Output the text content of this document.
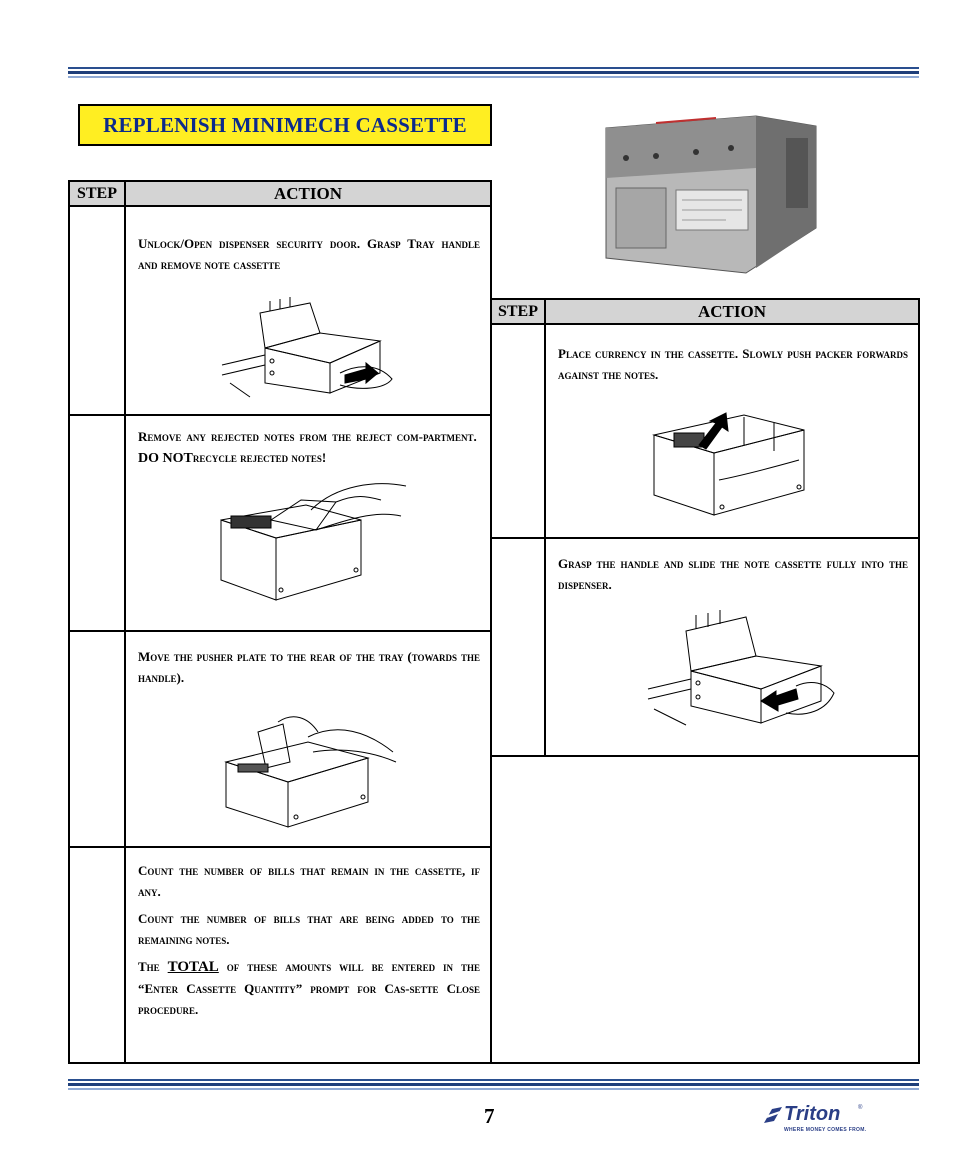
REPLENISH MINIMECH CASSETTE
STEP	ACTION
Unlock/Open dispenser security door. Grasp Tray handle and remove note cassette
Remove any rejected notes from the reject com-partment.  DO NOTrecycle rejected notes!
Move the pusher plate to the rear of the tray (towards the handle).

Count the number of bills that remain in the cassette, if any.

Count the number of bills that are being added to the remaining notes.

The TOTAL of these amounts will be entered in the “Enter Cassette Quantity” prompt for Cas-sette Close procedure.

STEP	ACTION
Place currency in the cassette. Slowly push packer forwards against the notes.
Grasp the handle and slide the note cassette fully into the dispenser.
7	Triton	®
WHERE MONEY COMES FROM.
